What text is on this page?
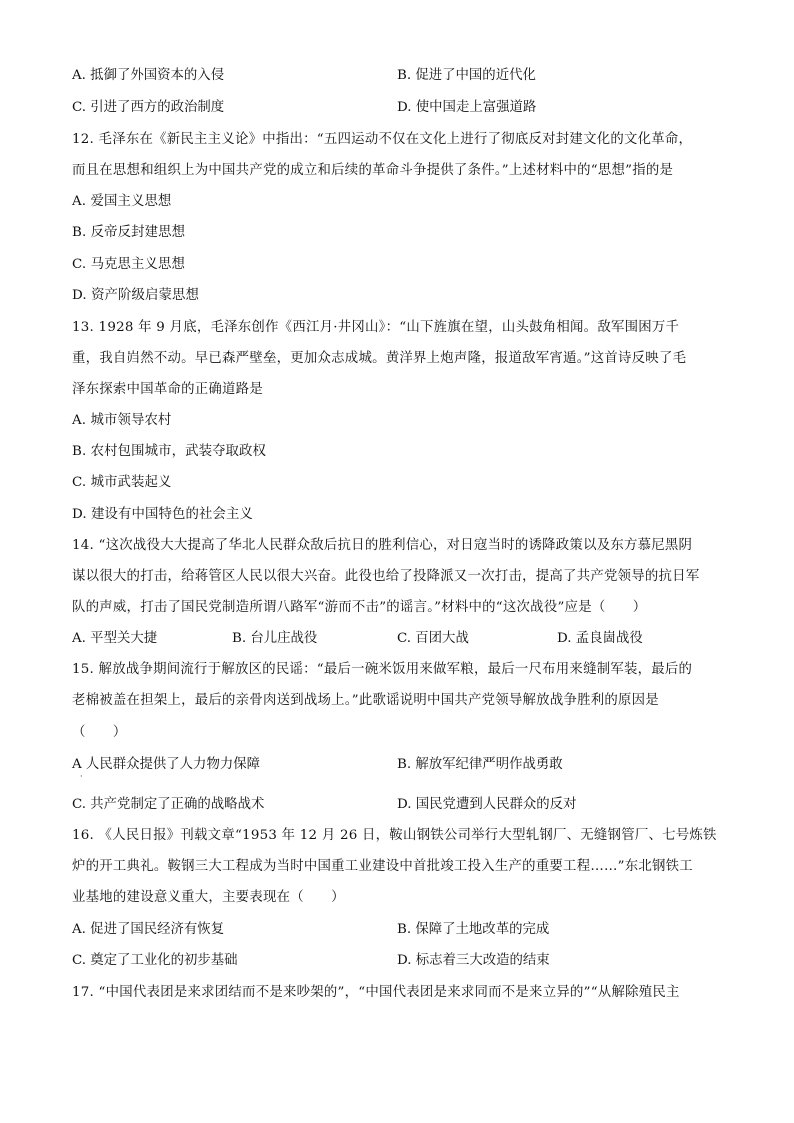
A. 抵御了外国资本的入侵	B. 促进了中国的近代化
C. 引进了西方的政治制度	D. 使中国走上富强道路
12. 毛泽东在《新民主主义论》中指出：“五四运动不仅在文化上进行了彻底反对封建文化的文化革命，
而且在思想和组织上为中国共产党的成立和后续的革命斗争提供了条件。”上述材料中的“思想”指的是
A. 爱国主义思想
B. 反帝反封建思想
C. 马克思主义思想
D. 资产阶级启蒙思想
13. 1928 年 9 月底，毛泽东创作《西江月·井冈山》：“山下旌旗在望，山头鼓角相闻。敌军围困万千
重，我自岿然不动。早已森严壁垒，更加众志成城。黄洋界上炮声隆，报道敌军宵遁。”这首诗反映了毛
泽东探索中国革命的正确道路是
A. 城市领导农村
B. 农村包围城市，武装夺取政权
C. 城市武装起义
D. 建设有中国特色的社会主义
14. “这次战役大大提高了华北人民群众敌后抗日的胜利信心，对日寇当时的诱降政策以及东方慕尼黑阴
谋以很大的打击，给蒋管区人民以很大兴奋。此役也给了投降派又一次打击，提高了共产党领导的抗日军
队的声威，打击了国民党制造所谓八路军“游而不击”的谣言。”材料中的“这次战役”应是（　　）
A. 平型关大捷	B. 台儿庄战役	C. 百团大战	D. 孟良崮战役
15. 解放战争期间流行于解放区的民谣：“最后一碗米饭用来做军粮，最后一尺布用来缝制军装，最后的
老棉被盖在担架上，最后的亲骨肉送到战场上。”此歌谣说明中国共产党领导解放战争胜利的原因是
（　　）
A 人民群众提供了人力物力保障	B. 解放军纪律严明作战勇敢
C. 共产党制定了正确的战略战术	D. 国民党遭到人民群众的反对
16. 《人民日报》刊载文章“1953 年 12 月 26 日，鞍山钢铁公司举行大型轧钢厂、无缝钢管厂、七号炼铁
炉的开工典礼。鞍钢三大工程成为当时中国重工业建设中首批竣工投入生产的重要工程……”东北钢铁工
业基地的建设意义重大，主要表现在（　　）
A. 促进了国民经济有恢复	B. 保障了土地改革的完成
C. 奠定了工业化的初步基础	D. 标志着三大改造的结束
17. “中国代表团是来求团结而不是来吵架的”，“中国代表团是来求同而不是来立异的”“从解除殖民主
·
